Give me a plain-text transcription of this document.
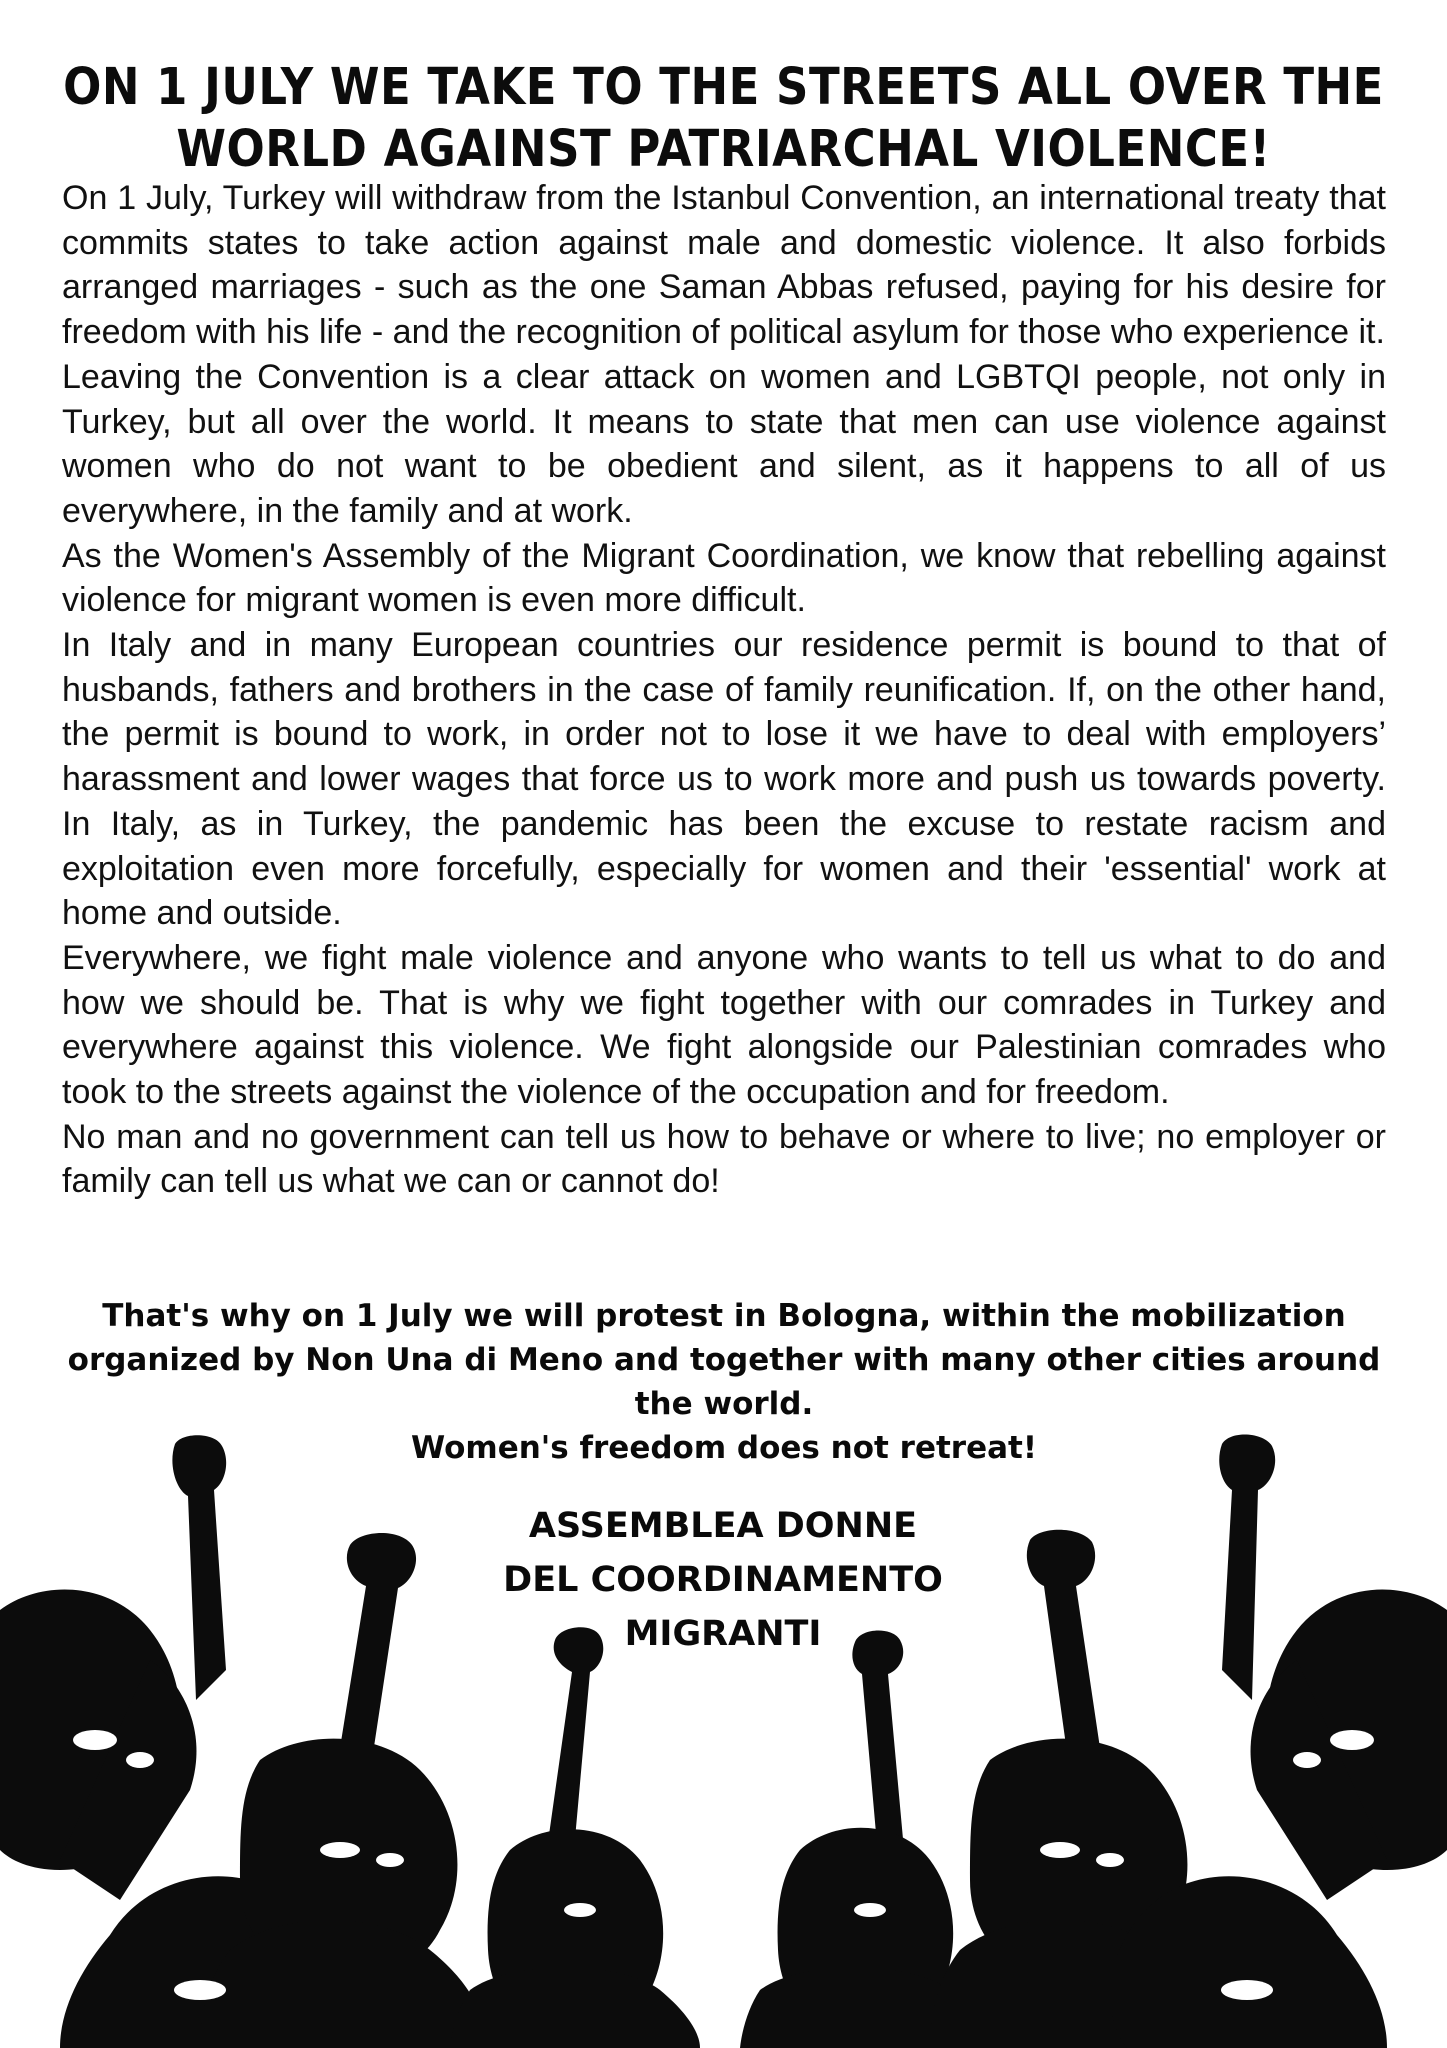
ON 1 JULY WE TAKE TO THE STREETS ALL OVER THE WORLD AGAINST PATRIARCHAL VIOLENCE!

On 1 July, Turkey will withdraw from the Istanbul Convention, an international treaty that commits states to take action against male and domestic violence. It also forbids arranged marriages - such as the one Saman Abbas refused, paying for his desire for freedom with his life - and the recognition of political asylum for those who experience it.

Leaving the Convention is a clear attack on women and LGBTQI people, not only in Turkey, but all over the world. It means to state that men can use violence against women who do not want to be obedient and silent, as it happens to all of us everywhere, in the family and at work.

As the Women's Assembly of the Migrant Coordination, we know that rebelling against violence for migrant women is even more difficult.

In Italy and in many European countries our residence permit is bound to that of husbands, fathers and brothers in the case of family reunification. If, on the other hand, the permit is bound to work, in order not to lose it we have to deal with employers’ harassment and lower wages that force us to work more and push us towards poverty. In Italy, as in Turkey, the pandemic has been the excuse to restate racism and exploitation even more forcefully, especially for women and their 'essential' work at home and outside.

Everywhere, we fight male violence and anyone who wants to tell us what to do and how we should be. That is why we fight together with our comrades in Turkey and everywhere against this violence. We fight alongside our Palestinian comrades who took to the streets against the violence of the occupation and for freedom.

No man and no government can tell us how to behave or where to live; no employer or family can tell us what we can or cannot do!

That's why on 1 July we will protest in Bologna, within the mobilization organized by Non Una di Meno and together with many other cities around the world.

Women's freedom does not retreat!

ASSEMBLEA DONNE
DEL COORDINAMENTO
MIGRANTI
